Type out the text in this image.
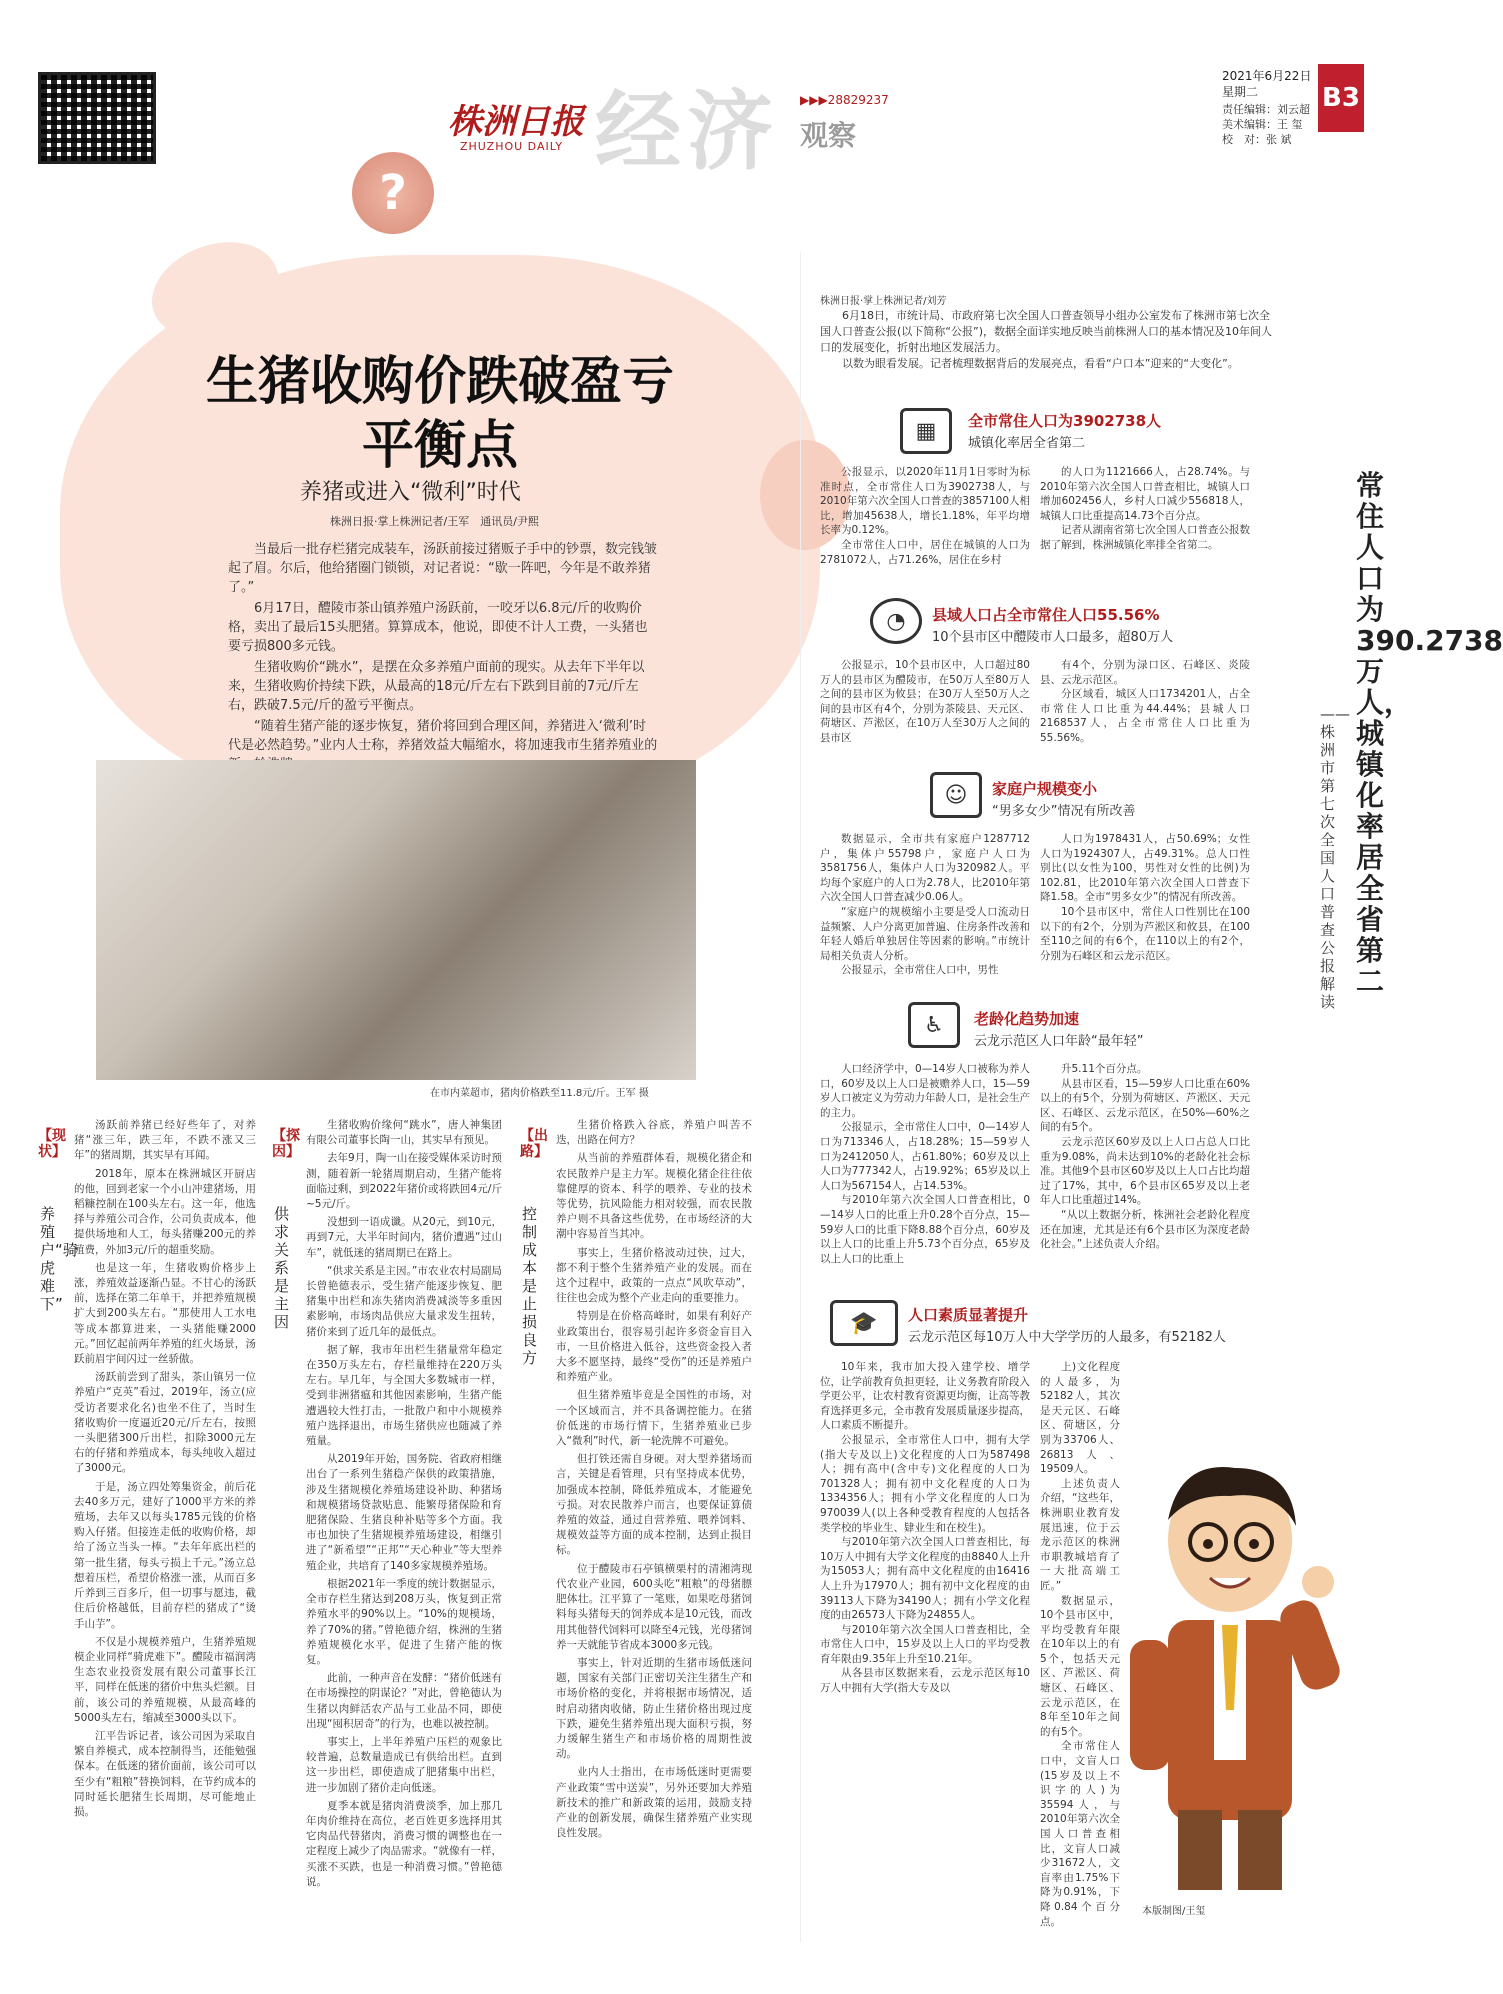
株洲日报
ZHUZHOU DAILY 经济 ▶▶▶28829237
观察
2021年6月22日
星期二
责任编辑：刘云超
美术编辑：王 玺
校　对：张 斌
B3
?
生猪收购价跌破盈亏平衡点
养猪或进入“微利”时代
株洲日报·掌上株洲记者/王军　通讯员/尹熙

当最后一批存栏猪完成装车，汤跃前接过猪贩子手中的钞票，数完钱皱起了眉。尔后，他给猪圈门锁锁，对记者说：“歇一阵吧，今年是不敢养猪了。”

6月17日，醴陵市茶山镇养殖户汤跃前，一咬牙以6.8元/斤的收购价格，卖出了最后15头肥猪。算算成本，他说，即使不计人工费，一头猪也要亏损800多元钱。

生猪收购价“跳水”，是摆在众多养殖户面前的现实。从去年下半年以来，生猪收购价持续下跌，从最高的18元/斤左右下跌到目前的7元/斤左右，跌破7.5元/斤的盈亏平衡点。

“随着生猪产能的逐步恢复，猪价将回到合理区间，养猪进入‘微利’时代是必然趋势。”业内人士称，养猪效益大幅缩水，将加速我市生猪养殖业的

在市内菜超市，猪肉价格跌至11.8元/斤。王军 摄
【现状】
养殖户“骑虎难下”

汤跃前养猪已经好些年了，对养猪“涨三年，跌三年，不跌不涨又三年”的猪周期，其实早有耳闻。

2018年，原本在株洲城区开厨店的他，回到老家一个小山冲建猪场，用稻糠控制在100头左右。这一年，他选择与养殖公司合作，公司负责成本，他提供场地和人工，每头猪赚200元的养殖费，外加3元/斤的超重奖励。

也是这一年，生猪收购价格步上涨，养殖效益逐渐凸显。不甘心的汤跃前，选择在第二年单干，并把养殖规模扩大到200头左右。“那使用人工水电等成本都算进来，一头猪能赚2000元。”回忆起前两年养殖的红火场景，汤跃前眉宇间闪过一丝骄傲。

汤跃前尝到了甜头，茶山镇另一位养殖户“克英”看过，2019年，汤立(应受访者要求化名)也坐不住了，当时生猪收购价一度逼近20元/斤左右，按照一头肥猪300斤出栏，扣除3000元左右的仔猪和养殖成本，每头纯收入超过了3000元。

于是，汤立四处筹集资金，前后花去40多万元，建好了1000平方米的养殖场，去年又以每头1785元钱的价格购入仔猪。但接连走低的收购价格，却给了汤立当头一棒。“去年年底出栏的第一批生猪，每头亏损上千元。”汤立总想着压栏，希望价格涨一涨，从而百多斤养到三百多斤，但一切事与愿违，截住后价格越低，目前存栏的猪成了“烫手山芋”。

不仅是小规模养殖户，生猪养殖规模企业同样“骑虎难下”。醴陵市福润湾生态农业投资发展有限公司董事长江平，同样在低迷的猪价中焦头烂额。目前，该公司的养殖规模，从最高峰的5000头左右，缩减至3000头以下。

江平告诉记者，该公司因为采取自繁自养模式，成本控制得当，还能勉强保本。在低迷的猪价面前，该公司可以至少有“粗粮”替换饲料，在节约成本的同时延长肥猪生长周期，尽可能地止损。

【探因】
供求关系是主因

生猪收购价缘何“跳水”，唐人神集团有限公司董事长陶一山，其实早有预见。

去年9月，陶一山在接受媒体采访时预测，随着新一轮猪周期启动，生猪产能将面临过剩，到2022年猪价或将跌回4元/斤~5元/斤。

没想到一语成谶。从20元，到10元，再到7元，大半年时间内，猪价遭遇“过山车”，就低迷的猪周期已在路上。

“供求关系是主因。”市农业农村局副局长曾艳德表示，受生猪产能逐步恢复、肥猪集中出栏和冻失猪肉消费减淡等多重因素影响，市场肉品供应大量求发生扭转，猪价来到了近几年的最低点。

据了解，我市年出栏生猪量常年稳定在350万头左右，存栏量维持在220万头左右。早几年，与全国大多数城市一样，受到非洲猪瘟和其他因素影响，生猪产能遭遇较大性打击，一批散户和中小规模养殖户选择退出，市场生猪供应也随减了养殖量。

从2019年开始，国务院、省政府相继出台了一系列生猪稳产保供的政策措施，涉及生猪规模化养殖场建设补助、种猪场和规模猪场贷款贴息、能繁母猪保险和育肥猪保险、生猪良种补贴等多个方面。我市也加快了生猪规模养殖场建设，相继引进了“新希望”“正邦”“天心种业”等大型养殖企业，共培育了140多家规模养殖场。

根据2021年一季度的统计数据显示，全市存栏生猪达到208万头，恢复到正常养殖水平的90%以上。“10%的规模场，养了70%的猪。”曾艳德介绍，株洲的生猪养殖规模化水平，促进了生猪产能的恢复。

此前，一种声音在发酵：“猪价低迷有在市场操控的阴谋论？”对此，曾艳德认为生猪以肉鲜活农产品与工业品不同，即使出现“囤积居奇”的行为，也难以被控制。

事实上，上半年养殖户压栏的观象比较普遍，总数量造成已有供给出栏。直到这一步出栏，即使造成了肥猪集中出栏，进一步加剧了猪价走向低迷。

夏季本就是猪肉消费淡季，加上那几年肉价维持在高位，老百姓更多选择用其它肉品代替猪肉，消费习惯的调整也在一定程度上减少了肉品需求。“就像有一样，买涨不买跌，也是一种消费习惯。”曾艳德说。

【出路】
控制成本是止损良方

生猪价格跌入谷底，养殖户叫苦不迭，出路在何方？

从当前的养殖群体看，规模化猪企和农民散养户是主力军。规模化猪企往往依靠健厚的资本、科学的喂养、专业的技术等优势，抗风险能力相对较强，而农民散养户则不具备这些优势，在市场经济的大潮中容易首当其冲。

事实上，生猪价格波动过快，过大，都不利于整个生猪养殖产业的发展。而在这个过程中，政策的一点点“风吹草动”，往往也会成为整个产业走向的重要推力。

特别是在价格高峰时，如果有利好产业政策出台，很容易引起许多资金盲目入市，一旦价格进入低谷，这些资金投入者大多不愿坚持，最终“受伤”的还是养殖户和养殖产业。

但生猪养殖毕竟是全国性的市场，对一个区域而言，并不具备调控能力。在猪价低迷的市场行情下，生猪养殖业已步入“微利”时代，新一轮洗牌不可避免。

但打铁还需自身硬。对大型养猪场而言，关键是看管理，只有坚持成本优势，加强成本控制，降低养殖成本，才能避免亏损。对农民散养户而言，也要保证算债养殖的效益，通过自营养殖、喂养饲料、规模效益等方面的成本控制，达到止损目标。

位于醴陵市石亭镇横栗村的清湘湾现代农业产业园，600头吃“粗粮”的母猪膘肥体壮。江平算了一笔账，如果吃母猪饲料每头猪每天的饲养成本是10元钱，而改用其他替代饲料可以降至4元钱，光母猪饲养一天就能节省成本3000多元钱。

事实上，针对近期的生猪市场低迷问题，国家有关部门正密切关注生猪生产和市场价格的变化，并将根据市场情况，适时启动猪肉收储，防止生猪价格出现过度下跌，避免生猪养殖出现大面积亏损，努力缓解生猪生产和市场价格的周期性波动。

业内人士指出，在市场低迷时更需要产业政策“雪中送炭”，另外还要加大养殖新技术的推广和新政策的运用，鼓励支持产业的创新发展，确保生猪养殖产业实现良性发展。

株洲日报·掌上株洲记者/刘芳

6月18日，市统计局、市政府第七次全国人口普查领导小组办公室发布了株洲市第七次全国人口普查公报(以下简称“公报”)，数据全面详实地反映当前株洲人口的基本情况及10年间人口的发展变化，折射出地区发展活力。

以数为眼看发展。记者梳理数据背后的发展亮点，看看“户口本”迎来的“大变化”。

▦	全市常住人口为3902738人
城镇化率居全省第二

公报显示，以2020年11月1日零时为标准时点，全市常住人口为3902738人，与2010年第六次全国人口普查的3857100人相比，增加45638人，增长1.18%，年平均增长率为0.12%。

全市常住人口中，居住在城镇的人口为2781072人，占71.26%，居住在乡村

的人口为1121666人，占28.74%。与2010年第六次全国人口普查相比，城镇人口增加602456人，乡村人口减少556818人，城镇人口比重提高14.73个百分点。

记者从湖南省第七次全国人口普查公报数据了解到，株洲城镇化率排全省第二。

◔	县域人口占全市常住人口55.56%
10个县市区中醴陵市人口最多，超80万人

公报显示，10个县市区中，人口超过80万人的县市区为醴陵市，在50万人至80万人之间的县市区为攸县；在30万人至50万人之间的县市区有4个，分别为茶陵县、天元区、荷塘区、芦淞区，在10万人至30万人之间的县市区

有4个，分别为渌口区、石峰区、炎陵县、云龙示范区。

分区域看，城区人口1734201人，占全市常住人口比重为44.44%；县城人口2168537人，占全市常住人口比重为55.56%。

☺	家庭户规模变小
“男多女少”情况有所改善

数据显示，全市共有家庭户1287712户，集体户55798户，家庭户人口为3581756人，集体户人口为320982人。平均每个家庭户的人口为2.78人，比2010年第六次全国人口普查减少0.06人。

“家庭户的规模缩小主要是受人口流动日益频繁、人户分离更加普遍、住房条件改善和年轻人婚后单独居住等因素的影响。”市统计局相关负责人分析。

公报显示，全市常住人口中，男性

人口为1978431人，占50.69%；女性人口为1924307人，占49.31%。总人口性别比(以女性为100，男性对女性的比例)为102.81，比2010年第六次全国人口普查下降1.58。全市“男多女少”的情况有所改善。

10个县市区中，常住人口性别比在100以下的有2个，分别为芦淞区和攸县，在100至110之间的有6个，在110以上的有2个，分别为石峰区和云龙示范区。

♿	老龄化趋势加速
云龙示范区人口年龄“最年轻”

人口经济学中，0—14岁人口被称为养人口，60岁及以上人口是被赡养人口，15—59岁人口被定义为劳动力年龄人口，是社会生产的主力。

公报显示，全市常住人口中，0—14岁人口为713346人，占18.28%；15—59岁人口为2412050人，占61.80%；60岁及以上人口为777342人，占19.92%；65岁及以上人口为567154人，占14.53%。

与2010年第六次全国人口普查相比，0—14岁人口的比重上升0.28个百分点，15—59岁人口的比重下降8.88个百分点，60岁及以上人口的比重上升5.73个百分点，65岁及以上人口的比重上

升5.11个百分点。

从县市区看，15—59岁人口比重在60%以上的有5个，分别为荷塘区、芦淞区、天元区、石峰区、云龙示范区，在50%—60%之间的有5个。

云龙示范区60岁及以上人口占总人口比重为9.08%，尚未达到10%的老龄化社会标准。其他9个县市区60岁及以上人口占比均超过了17%，其中，6个县市区65岁及以上老年人口比重超过14%。

“从以上数据分析，株洲社会老龄化程度还在加速，尤其是还有6个县市区为深度老龄化社会。”上述负责人介绍。

🎓	人口素质显著提升
云龙示范区每10万人中大学学历的人最多，有52182人

10年来，我市加大投入建学校、增学位，让学前教育负担更轻，让义务教育阶段入学更公平，让农村教育资源更均衡，让高等教育选择更多元，全市教育发展质量逐步提高，人口素质不断提升。

公报显示，全市常住人口中，拥有大学(指大专及以上)文化程度的人口为587498人；拥有高中(含中专)文化程度的人口为701328人；拥有初中文化程度的人口为1334356人；拥有小学文化程度的人口为970039人(以上各种受教育程度的人包括各类学校的毕业生、肄业生和在校生)。

与2010年第六次全国人口普查相比，每10万人中拥有大学文化程度的由8840人上升为15053人；拥有高中文化程度的由16416人上升为17970人；拥有初中文化程度的由39113人下降为34190人；拥有小学文化程度的由26573人下降为24855人。

与2010年第六次全国人口普查相比，全市常住人口中，15岁及以上人口的平均受教育年限由9.35年上升至10.21年。

从各县市区数据来看，云龙示范区每10万人中拥有大学(指大专及以

上)文化程度的人最多，为52182人，其次是天元区、石峰区、荷塘区，分别为33706人、26813人、19509人。

上述负责人介绍，“这些年，株洲职业教育发展迅速，位于云龙示范区的株洲市职教城培育了一大批高端工匠。”

数据显示，10个县市区中，平均受教育年限在10年以上的有5个，包括天元区、芦淞区、荷塘区、石峰区、云龙示范区，在8年至10年之间的有5个。

全市常住人口中，文盲人口(15岁及以上不识字的人)为35594人，与2010年第六次全国人口普查相比，文盲人口减少31672人，文盲率由1.75%下降为0.91%，下降0.84个百分点。

常住人口为390.2738万人，城镇化率居全省第二
——株洲市第七次全国人口普查公报解读
本版制图/王玺
